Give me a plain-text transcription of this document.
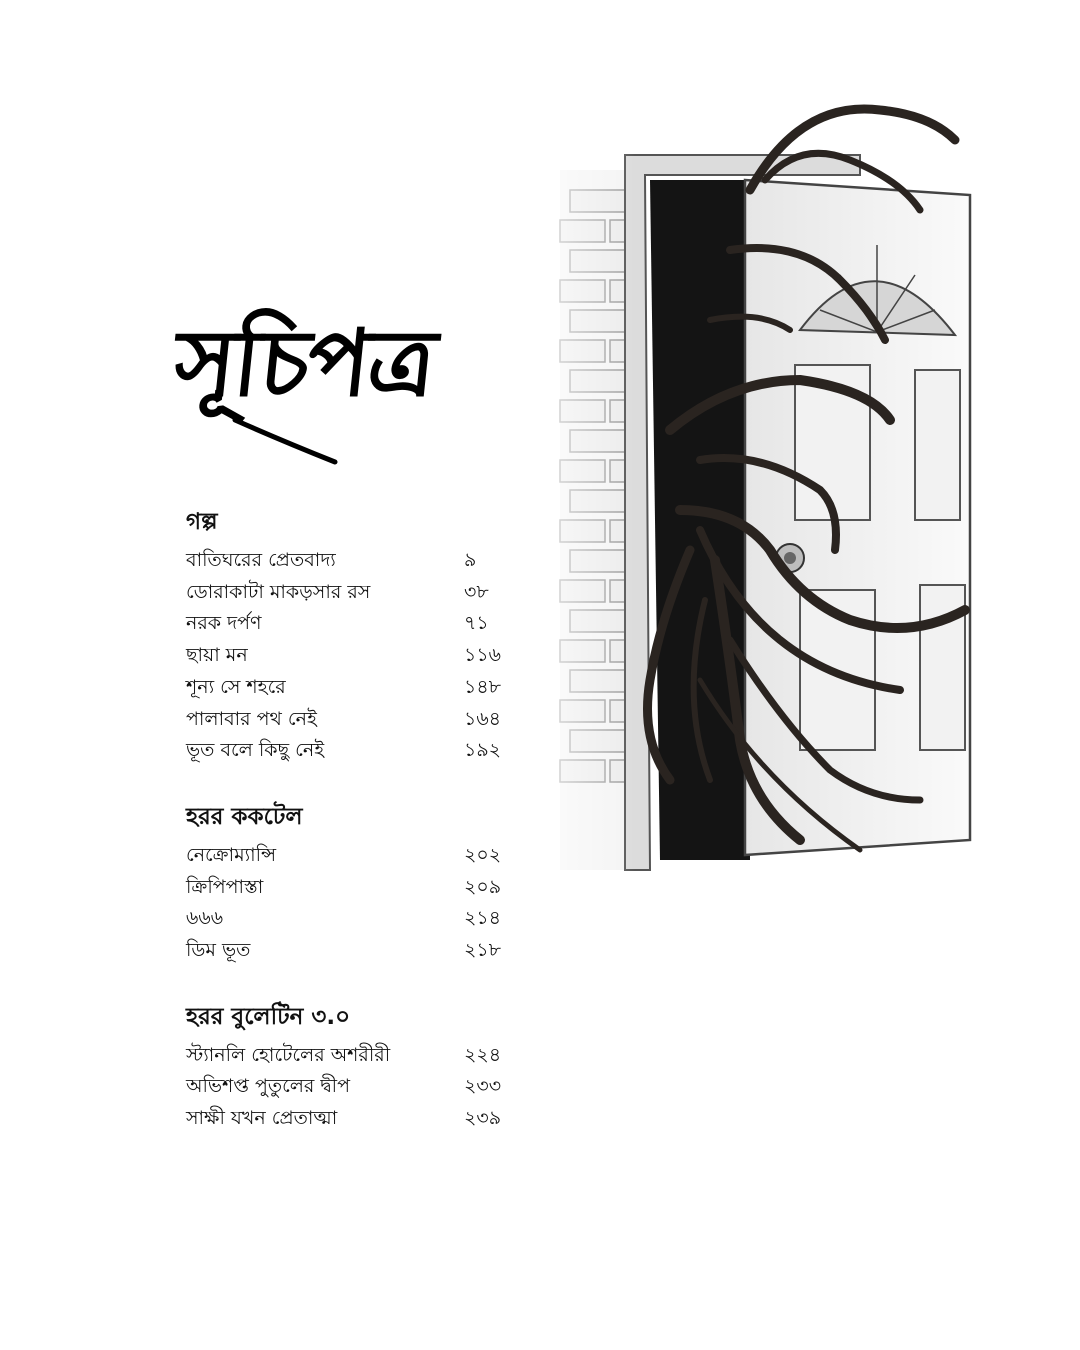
সূচিপত্র
গল্প
বাতিঘরের প্রেতবাদ্য	৯
ডোরাকাটা মাকড়সার রস	৩৮
নরক দর্পণ	৭১
ছায়া মন	১১৬
শূন্য সে শহরে	১৪৮
পালাবার পথ নেই	১৬৪
ভূত বলে কিছু নেই	১৯২
হরর ককটেল
নেক্রোম্যান্সি	২০২
ক্রিপিপাস্তা	২০৯
৬৬৬	২১৪
ডিম ভূত	২১৮
হরর বুলেটিন ৩.০
স্ট্যানলি হোটেলের অশরীরী	২২৪
অভিশপ্ত পুতুলের দ্বীপ	২৩৩
সাক্ষী যখন প্রেতাত্মা	২৩৯
